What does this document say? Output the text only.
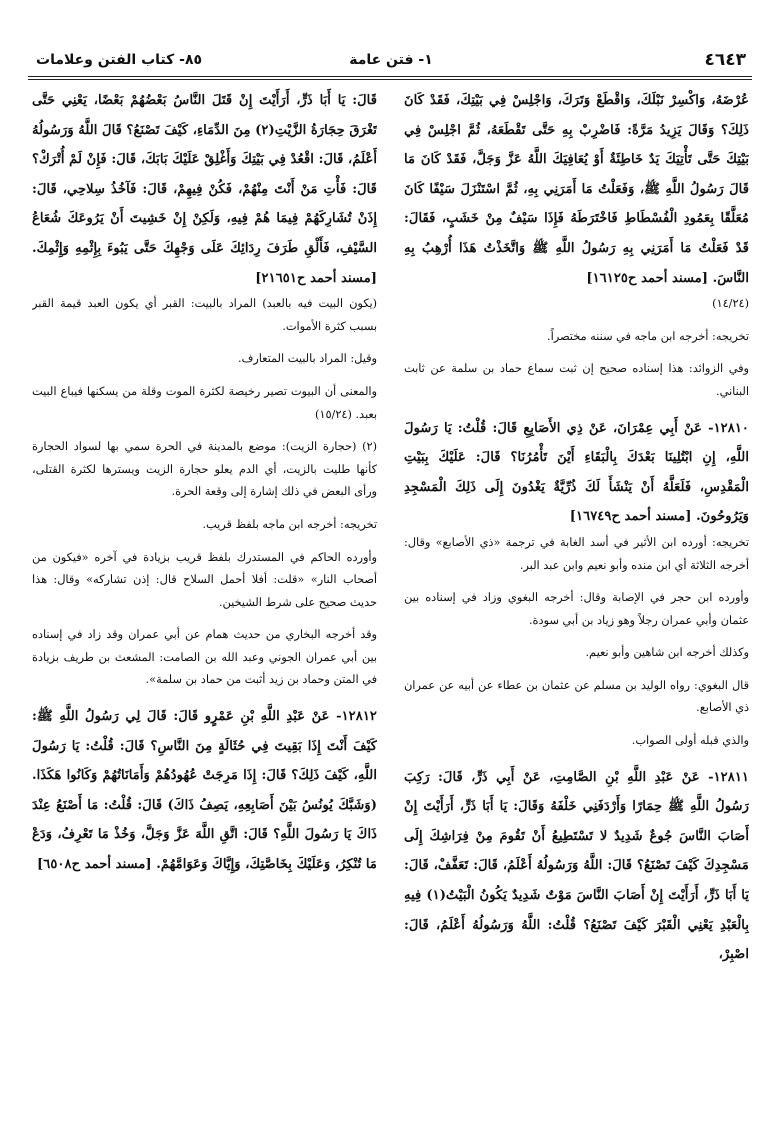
٤٦٤٣
١- فتن عامة
٨٥- كتاب الفتن وعلامات

عُرْضَهُ، وَاكْسِرْ نَبْلَكَ، وَاقْطَعْ وَتَرَكَ، وَاجْلِسْ فِي بَيْتِكَ، فَقَدْ كَانَ ذَلِكَ؟ وَقَالَ يَزِيدُ مَرَّةً: فَاضْرِبْ بِهِ حَتَّى تَقْطَعَهُ، ثُمَّ اجْلِسْ فِي بَيْتِكَ حَتَّى تَأْتِيَكَ يَدٌ خَاطِئَةٌ أَوْ يُعَافِيَكَ اللَّهُ عَزَّ وَجَلَّ، فَقَدْ كَانَ مَا قَالَ رَسُولُ اللَّهِ ﷺ، وَفَعَلْتُ مَا أَمَرَنِي بِهِ، ثُمَّ اسْتَنْزَلَ سَيْفًا كَانَ مُعَلَّقًا بِعَمُودِ الْفُسْطَاطِ فَاخْتَرَطَهُ فَإِذَا سَيْفٌ مِنْ خَشَبٍ، فَقَالَ: قَدْ فَعَلْتُ مَا أَمَرَنِي بِهِ رَسُولُ اللَّهِ ﷺ وَاتَّخَذْتُ هَذَا أُرْهِبُ بِهِ النَّاسَ. [مسند أحمد ح١٦١٢٥]

(١٤/٢٤)

تخريجه: أخرجه ابن ماجه في سننه مختصراً.

وفي الزوائد: هذا إسناده صحيح إن ثبت سماع حماد بن سلمة عن ثابت البناني.

١٢٨١٠- عَنْ أَبِي عِمْرَانَ، عَنْ ذِي الأَصَابِعِ قَالَ: قُلْتُ: يَا رَسُولَ اللَّهِ، إِنِ ابْتُلِينَا بَعْدَكَ بِالْبَقَاءِ أَيْنَ تَأْمُرُنَا؟ قَالَ: عَلَيْكَ بِبَيْتِ الْمَقْدِسِ، فَلَعَلَّهُ أَنْ يَنْشَأَ لَكَ ذُرِّيَّةٌ يَغْدُونَ إِلَى ذَلِكَ الْمَسْجِدِ وَيَرُوحُونَ. [مسند أحمد ح١٦٧٤٩]

تخريجه: أورده ابن الأثير في أسد الغابة في ترجمة «ذي الأصابع» وقال: أخرجه الثلاثة أي ابن منده وأبو نعيم وابن عبد البر.

وأورده ابن حجر في الإصابة وقال: أخرجه البغوي وزاد في إسناده بين عثمان وأبي عمران رجلاً وهو زياد بن أبي سودة.

وكذلك أخرجه ابن شاهين وأبو نعيم.

قال البغوي: رواه الوليد بن مسلم عن عثمان بن عطاء عن أبيه عن عمران ذي الأصابع.

والذي قبله أولى الصواب.

١٢٨١١- عَنْ عَبْدِ اللَّهِ بْنِ الصَّامِتِ، عَنْ أَبِي ذَرٍّ، قَالَ: رَكِبَ رَسُولُ اللَّهِ ﷺ حِمَارًا وَأَرْدَفَنِي خَلْفَهُ وَقَالَ: يَا أَبَا ذَرٍّ، أَرَأَيْتَ إِنْ أَصَابَ النَّاسَ جُوعٌ شَدِيدٌ لا تَسْتَطِيعُ أَنْ تَقُومَ مِنْ فِرَاشِكَ إِلَى مَسْجِدِكَ كَيْفَ تَصْنَعُ؟ قَالَ: اللَّهُ وَرَسُولُهُ أَعْلَمُ، قَالَ: تَعَفَّفْ، قَالَ: يَا أَبَا ذَرٍّ، أَرَأَيْتَ إِنْ أَصَابَ النَّاسَ مَوْتٌ شَدِيدٌ يَكُونُ الْبَيْتُ(١) فِيهِ بِالْعَبْدِ يَعْنِي الْقَبْرَ كَيْفَ تَصْنَعُ؟ قُلْتُ: اللَّهُ وَرَسُولُهُ أَعْلَمُ، قَالَ: اصْبِرْ،

قَالَ: يَا أَبَا ذَرٍّ، أَرَأَيْتَ إِنْ قَتَلَ النَّاسُ بَعْضُهُمْ بَعْضًا، يَعْنِي حَتَّى تَغْرَقَ حِجَارَةُ الزَّيْتِ(٢) مِنَ الدِّمَاءِ، كَيْفَ تَصْنَعُ؟ قَالَ اللَّهُ وَرَسُولُهُ أَعْلَمُ، قَالَ: اقْعُدْ فِي بَيْتِكَ وَأَغْلِقْ عَلَيْكَ بَابَكَ، قَالَ: فَإِنْ لَمْ أُتْرَكْ؟ قَالَ: فَأْتِ مَنْ أَنْتَ مِنْهُمْ، فَكُنْ فِيهِمْ، قَالَ: فَآخُذُ سِلاحِي، قَالَ: إِذَنْ تُشَارِكَهُمْ فِيمَا هُمْ فِيهِ، وَلَكِنْ إِنْ خَشِيتَ أَنْ يَرُوعَكَ شُعَاعُ السَّيْفِ، فَأَلْقِ طَرَفَ رِدَائِكَ عَلَى وَجْهِكَ حَتَّى يَبُوءَ بِإِثْمِهِ وَإِثْمِكَ. [مسند أحمد ح٢١٦٥١]

(يكون البيت فيه بالعبد) المراد بالبيت: القبر أي يكون العبد قيمة القبر بسبب كثرة الأموات.

وقيل: المراد بالبيت المتعارف.

والمعنى أن البيوت تصير رخيصة لكثرة الموت وقلة من يسكنها فيباع البيت بعبد. (١٥/٢٤)

(٢) (حجارة الزيت): موضع بالمدينة في الحرة سمي بها لسواد الحجارة كأنها طليت بالزيت، أي الدم يعلو حجارة الزيت ويسترها لكثرة القتلى، ورأى البعض في ذلك إشارة إلى وقعة الحرة.

تخريجه: أخرجه ابن ماجه بلفظ قريب.

وأورده الحاكم في المستدرك بلفظ قريب بزيادة في آخره «فيكون من أصحاب النار» «قلت: أفلا أحمل السلاح قال: إذن تشاركه» وقال: هذا حديث صحيح على شرط الشيخين.

وقد أخرجه البخاري من حديث همام عن أبي عمران وقد زاد في إسناده بين أبي عمران الجوني وعبد الله بن الصامت: المشعث بن طريف بزيادة في المتن وحماد بن زيد أثبت من حماد بن سلمة».

١٢٨١٢- عَنْ عَبْدِ اللَّهِ بْنِ عَمْرٍو قَالَ: قَالَ لِي رَسُولُ اللَّهِ ﷺ: كَيْفَ أَنْتَ إِذَا بَقِيتَ فِي حُثَالَةٍ مِنَ النَّاسِ؟ قَالَ: قُلْتُ: يَا رَسُولَ اللَّهِ، كَيْفَ ذَلِكَ؟ قَالَ: إِذَا مَرِجَتْ عُهُودُهُمْ وَأَمَانَاتُهُمْ وَكَانُوا هَكَذَا. (وَشَبَّكَ يُونُسُ بَيْنَ أَصَابِعِهِ، يَصِفُ ذَاكَ) قَالَ: قُلْتُ: مَا أَصْنَعُ عِنْدَ ذَاكَ يَا رَسُولَ اللَّهِ؟ قَالَ: اتَّقِ اللَّهَ عَزَّ وَجَلَّ، وَخُذْ مَا تَعْرِفُ، وَدَعْ مَا تُنْكِرُ، وَعَلَيْكَ بِخَاصَّتِكَ، وَإِيَّاكَ وَعَوَامَّهُمْ. [مسند أحمد ح٦٥٠٨]
